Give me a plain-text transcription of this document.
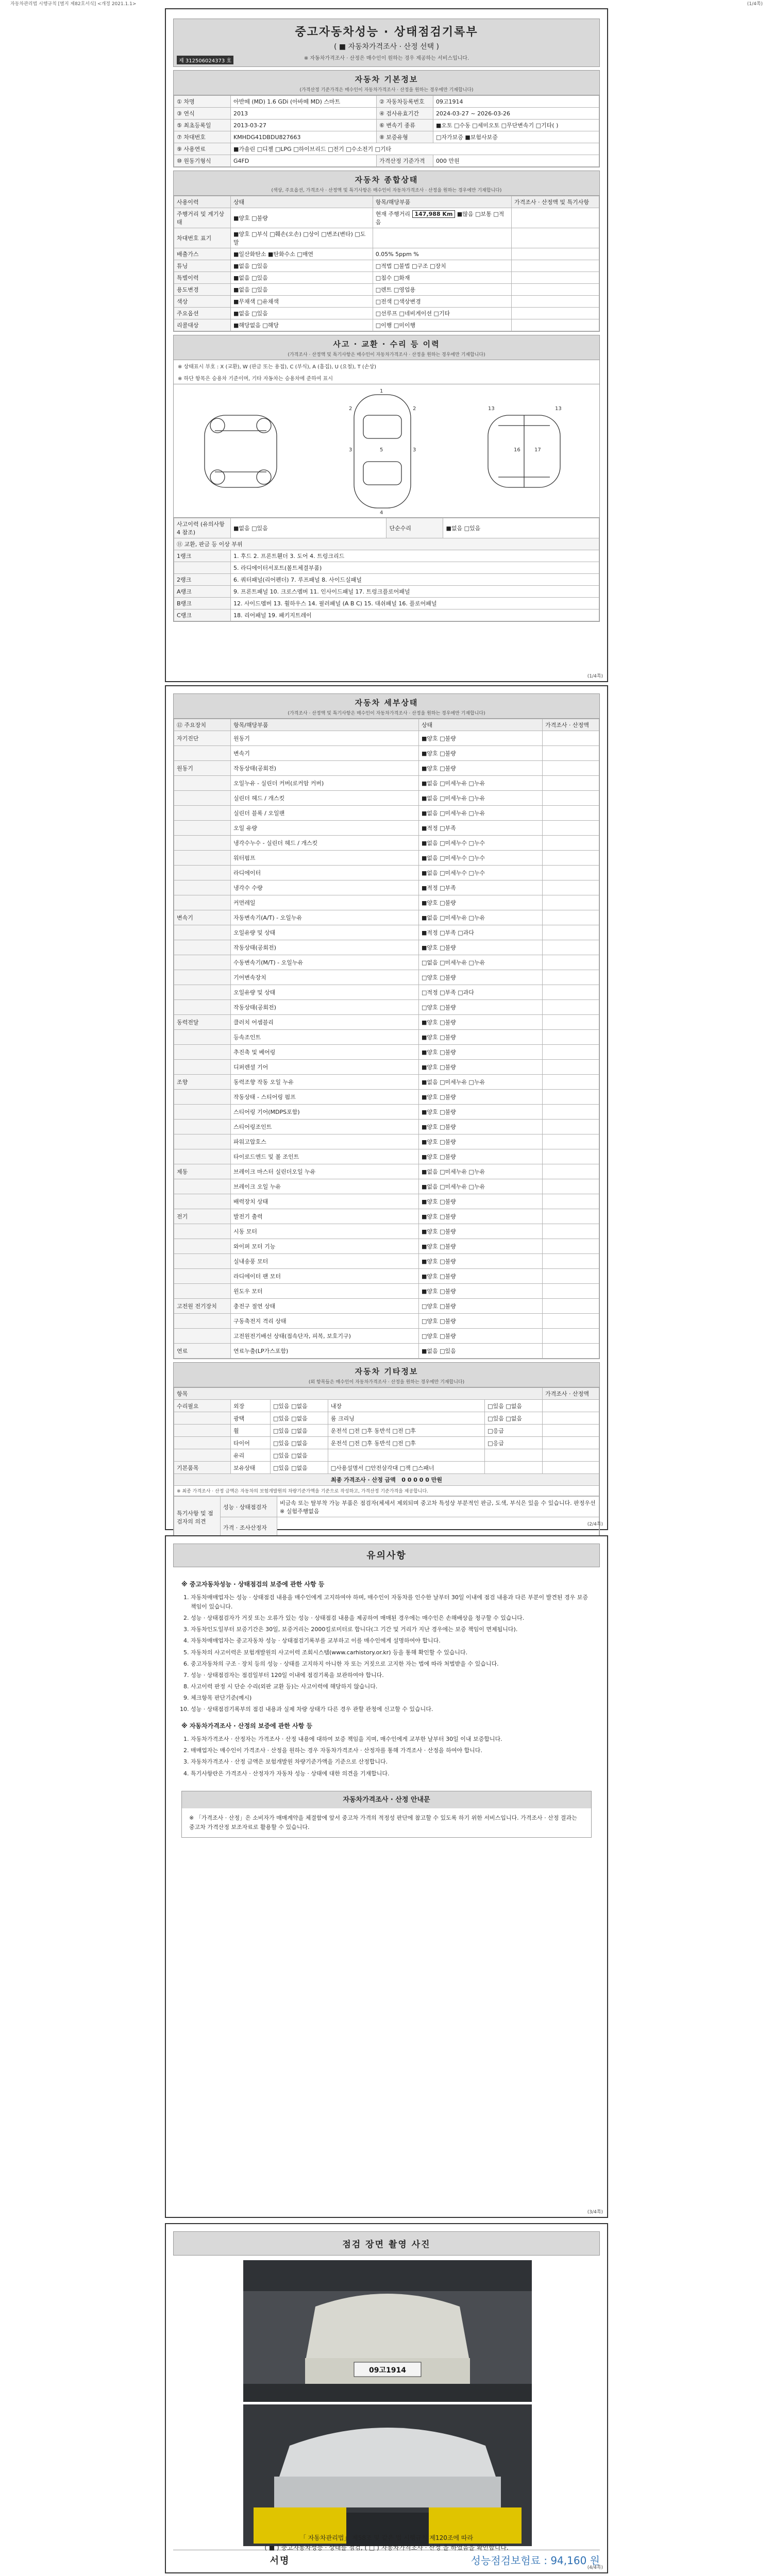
자동차관리법 시행규칙 [별지 제82호서식] <개정 2021.1.1>	(1/4쪽)
중고자동차성능 · 상태점검기록부
( ■ 자동차가격조사 · 산정 선택 )
※ 자동차가격조사 · 산정은 매수인이 원하는 경우 제공하는 서비스입니다.
제 312506024373 호
자동차 기본정보
(가격산정 기준가격은 매수인이 자동차가격조사 · 산정을 원하는 경우에만 기재합니다)
① 차명	아반떼 (MD) 1.6 GDi (아바떼 MD) 스마트	② 자동차등록번호	09고1914
③ 연식	2013	④ 검사유효기간	2024-03-27 ~ 2026-03-26
⑤ 최초등록일	2013-03-27	⑥ 변속기 종류	■오토 □수동 □세미오토 □무단변속기 □기타( )
⑦ 차대번호	KMHDG41DBDU827663	⑧ 보증유형	□자가보증 ■보험사보증
⑨ 사용연료	■가솔린 □디젤 □LPG □하이브리드 □전기 □수소전기 □기타		
⑩ 원동기형식	G4FD	가격산정 기준가격	000 만원
자동차 종합상태
(색상, 주요옵션, 가격조사 · 산정액 및 특기사항은 매수인이 자동차가격조사 · 산정을 원하는 경우에만 기재합니다)
사용이력	상태	항목/해당부품	가격조사 · 산정액 및 특기사항
주행거리 및 계기상태	■양호 □불량	현재 주행거리 147,988 Km ■많음 □보통 □적음	
차대번호 표기	■양호 □부식 □훼손(오손) □상이 □변조(변타) □도말		
배출가스	■일산화탄소 ■탄화수소 □매연	0.05% 5ppm %	
튜닝	■없음 □있음	□적법 □불법 □구조 □장치	
특별이력	■없음 □있음	□침수 □화재	
용도변경	■없음 □있음	□렌트 □영업용	
색상	■무채색 □유채색	□전색 □색상변경	
주요옵션	■없음 □있음	□선루프 □네비게이션 □기타	
리콜대상	■해당없음 □해당	□이행 □미이행	
사고 · 교환 · 수리 등 이력
(가격조사 · 산정액 및 특기사항은 매수인이 자동차가격조사 · 산정을 원하는 경우에만 기재합니다)
※ 상태표시 부호 : X (교환), W (판금 또는 용접), C (부식), A (흠집), U (요철), T (손상)
※ 하단 항목은 승용차 기준이며, 기타 자동차는 승용차에 준하여 표시
1
2	2
3	3
4
5	16	17
13	13
사고이력 (유의사항 4 참조)	■없음 □있음	단순수리	■없음 □있음
⑪ 교환, 판금 등 이상 부위			
1랭크	1. 후드 2. 프론트휀더 3. 도어 4. 트렁크리드		
	5. 라디에이터서포트(볼트체결부품)		
2랭크	6. 쿼터패널(리어펜더) 7. 루프패널 8. 사이드실패널		
A랭크	9. 프론트패널 10. 크로스멤버 11. 인사이드패널 17. 트렁크플로어패널		
B랭크	12. 사이드멤버 13. 휠하우스 14. 필러패널 (A B C) 15. 대쉬패널 16. 플로어패널		
C랭크	18. 리어패널 19. 패키지트레이		
(1/4쪽)
자동차 세부상태
(가격조사 · 산정액 및 특기사항은 매수인이 자동차가격조사 · 산정을 원하는 경우에만 기재합니다)
⑫ 주요장치	항목/해당부품	상태	가격조사 · 산정액
자기진단	원동기	■양호 □불량	
	변속기	■양호 □불량	
원동기	작동상태(공회전)	■양호 □불량	
	오일누유 - 실린더 커버(로커암 커버)	■없음 □미세누유 □누유	
	실린더 헤드 / 개스킷	■없음 □미세누유 □누유	
	실린더 블록 / 오일팬	■없음 □미세누유 □누유	
	오일 유량	■적정 □부족	
	냉각수누수 - 실린더 헤드 / 개스킷	■없음 □미세누수 □누수	
	워터펌프	■없음 □미세누수 □누수	
	라디에이터	■없음 □미세누수 □누수	
	냉각수 수량	■적정 □부족	
	커먼레일	■양호 □불량	
변속기	자동변속기(A/T) - 오일누유	■없음 □미세누유 □누유	
	오일유량 및 상태	■적정 □부족 □과다	
	작동상태(공회전)	■양호 □불량	
	수동변속기(M/T) - 오일누유	□없음 □미세누유 □누유	
	기어변속장치	□양호 □불량	
	오일유량 및 상태	□적정 □부족 □과다	
	작동상태(공회전)	□양호 □불량	
동력전달	클러치 어셈블리	■양호 □불량	
	등속조인트	■양호 □불량	
	추진축 및 베어링	■양호 □불량	
	디퍼렌셜 기어	■양호 □불량	
조향	동력조향 작동 오일 누유	■없음 □미세누유 □누유	
	작동상태 - 스티어링 펌프	■양호 □불량	
	스티어링 기어(MDPS포함)	■양호 □불량	
	스티어링조인트	■양호 □불량	
	파워고압호스	■양호 □불량	
	타이로드엔드 및 볼 조인트	■양호 □불량	
제동	브레이크 마스터 실린더오일 누유	■없음 □미세누유 □누유	
	브레이크 오일 누유	■없음 □미세누유 □누유	
	배력장치 상태	■양호 □불량	
전기	발전기 출력	■양호 □불량	
	시동 모터	■양호 □불량	
	와이퍼 모터 기능	■양호 □불량	
	실내송풍 모터	■양호 □불량	
	라디에이터 팬 모터	■양호 □불량	
	윈도우 모터	■양호 □불량	
고전원 전기장치	충전구 절연 상태	□양호 □불량	
	구동축전지 격리 상태	□양호 □불량	
	고전원전기배선 상태(접속단자, 피복, 보호기구)	□양호 □불량	
연료	연료누출(LP가스포함)	■없음 □있음	
자동차 기타정보
(외 항목들은 매수인이 자동차가격조사 · 산정을 원하는 경우에만 기재합니다)
항목					가격조사 · 산정액
수리필요	외장	□있음 □없음	내장	□있음 □없음	
	광택	□있음 □없음	룸 크리닝	□있음 □없음	
	휠	□있음 □없음	운전석 □전 □후 동반석 □전 □후	□응급	
	타이어	□있음 □없음	운전석 □전 □후 동반석 □전 □후	□응급	
	유리	□있음 □없음			
기본품목	보유상태	□있음 □없음	□사용설명서 □안전삼각대 □잭 □스패너		
최종 가격조사 · 산정 금액 0 0 0 0 0 만원					
※ 최종 가격조사 · 산정 금액은 자동차의 보험개발원의 차량기준가액을 기준으로 작성하고, 가격산정 기준가격을 제공합니다.					
특기사항 및 점검자의 의견	성능 · 상태점검자	비금속 또는 탈부착 가능 부품은 점검자(체세서 제외되며 중고차 특성상 부분적인 판금, 도색, 부식은 있을 수 있습니다. 판정우선 ※ 실험주행없음
	가격 · 조사산정자		(2/4쪽)
유의사항
※ 중고자동차성능 · 상태점검의 보증에 관한 사항 등
1. 자동차매매업자는 성능 · 상태점검 내용을 매수인에게 고지하여야 하며, 매수인이 자동차를 인수한 날부터 30일 이내에 점검 내용과 다른 부분이 발견된 경우 보증 책임이 있습니다.
2. 성능 · 상태점검자가 거짓 또는 오류가 있는 성능 · 상태점검 내용을 제공하여 매매된 경우에는 매수인은 손해배상을 청구할 수 있습니다.
3. 자동차인도일부터 보증기간은 30일, 보증거리는 2000킬로미터로 합니다(그 기간 및 거리가 지난 경우에는 보증 책임이 면제됩니다).
4. 자동차매매업자는 중고자동차 성능 · 상태점검기록부를 교부하고 이를 매수인에게 설명하여야 합니다.
5. 자동차의 사고이력은 보험개발원의 사고이력 조회시스템(www.carhistory.or.kr) 등을 통해 확인할 수 있습니다.
6. 중고자동차의 구조 · 장치 등의 성능 · 상태를 고지하지 아니한 자 또는 거짓으로 고지한 자는 법에 따라 처벌받을 수 있습니다.
7. 성능 · 상태점검자는 점검일부터 120일 이내에 점검기록을 보관하여야 합니다.
8. 사고이력 판정 시 단순 수리(외판 교환 등)는 사고이력에 해당하지 않습니다.
9. 체크항목 판단기준(예시)
10. 성능 · 상태점검기록부의 점검 내용과 실제 차량 상태가 다른 경우 관할 관청에 신고할 수 있습니다.
※ 자동차가격조사 · 산정의 보증에 관한 사항 등
1. 자동차가격조사 · 산정자는 가격조사 · 산정 내용에 대하여 보증 책임을 지며, 매수인에게 교부한 날부터 30일 이내 보증합니다.
2. 매매업자는 매수인이 가격조사 · 산정을 원하는 경우 자동차가격조사 · 산정자를 통해 가격조사 · 산정을 하여야 합니다.
3. 자동차가격조사 · 산정 금액은 보험개발원 차량기준가액을 기준으로 산정합니다.
4. 특기사항란은 가격조사 · 산정자가 자동차 성능 · 상태에 대한 의견을 기재합니다.
자동차가격조사 · 산정 안내문
※ 「가격조사 · 산정」은 소비자가 매매계약을 체결함에 앞서 중고차 가격의 적정성 판단에 참고할 수 있도록 하기 위한 서비스입니다. 가격조사 · 산정 결과는 중고차 가격산정 보조자료로 활용할 수 있습니다.
(3/4쪽)
점검 장면 촬영 사진
09고1914
서명	성능점검보험료 : 94,160 원
「 자동차관리법」 제58조 및 같은 법 시행규칙 제120조에 따라
( ■ ) 중고자동차성능 · 상태를 점검, ( □ ) 자동차가격조사 · 산정 을 하였음을 확인합니다.
(4/4쪽)
